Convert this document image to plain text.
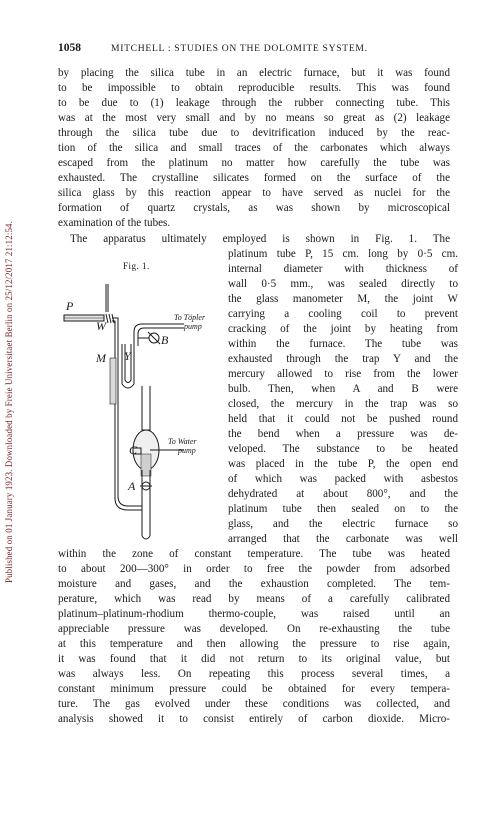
Published on 01 January 1923. Downloaded by Freie Universitaet Berlin on 25/12/2017 21:12:54.
1058	MITCHELL : STUDIES ON THE DOLOMITE SYSTEM.
by placing the silica tube in an electric furnace, but it was found
to be impossible to obtain reproducible results. This was found
to be due to (1) leakage through the rubber connecting tube. This
was at the most very small and by no means so great as (2) leakage
through the silica tube due to devitrification induced by the reac-
tion of the silica and small traces of the carbonates which always
escaped from the platinum no matter how carefully the tube was
exhausted. The crystalline silicates formed on the surface of the
silica glass by this reaction appear to have served as nuclei for the
formation of quartz crystals, as was shown by microscopical
examination of the tubes.
The apparatus ultimately employed is shown in Fig. 1. The
platinum tube P, 15 cm. long by 0·5 cm.
internal diameter with thickness of
wall 0·5 mm., was sealed directly to
the glass manometer M, the joint W
carrying a cooling coil to prevent
cracking of the joint by heating from
within the furnace. The tube was
exhausted through the trap Y and the
mercury allowed to rise from the lower
bulb. Then, when A and B were
closed, the mercury in the trap was so
held that it could not be pushed round
the bend when a pressure was de-
veloped. The substance to be heated
was placed in the tube P, the open end
of which was packed with asbestos
dehydrated at about 800°, and the
platinum tube then sealed on to the
glass, and the electric furnace so
arranged that the carbonate was well
within the zone of constant temperature. The tube was heated
to about 200—300° in order to free the powder from adsorbed
moisture and gases, and the exhaustion completed. The tem-
perature, which was read by means of a carefully calibrated
platinum–platinum-rhodium thermo-couple, was raised until an
appreciable pressure was developed. On re-exhausting the tube
at this temperature and then allowing the pressure to rise again,
it was found that it did not return to its original value, but
was always less. On repeating this process several times, a
constant minimum pressure could be obtained for every tempera-
ture. The gas evolved under these conditions was collected, and
analysis showed it to consist entirely of carbon dioxide. Micro-
Fig. 1.
P
W
M Y
B
C
A
To Töpler
pump
To Water
pump
